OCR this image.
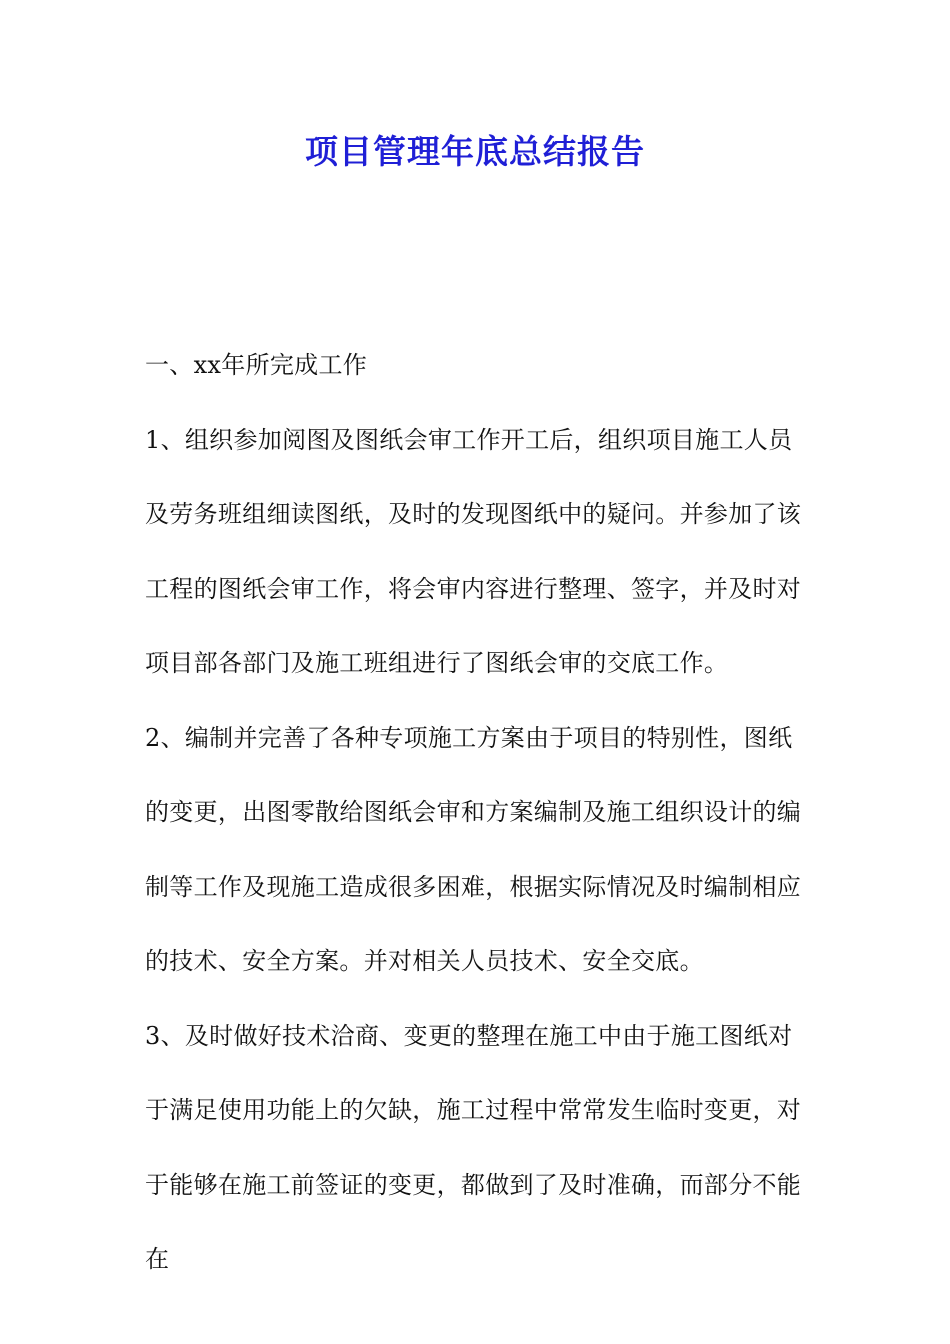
项目管理年底总结报告

一、xx年所完成工作

1、组织参加阅图及图纸会审工作开工后，组织项目施工人员及劳务班组细读图纸，及时的发现图纸中的疑问。并参加了该工程的图纸会审工作，将会审内容进行整理、签字，并及时对项目部各部门及施工班组进行了图纸会审的交底工作。

2、编制并完善了各种专项施工方案由于项目的特别性，图纸的变更，出图零散给图纸会审和方案编制及施工组织设计的编制等工作及现施工造成很多困难，根据实际情况及时编制相应的技术、安全方案。并对相关人员技术、安全交底。

3、及时做好技术洽商、变更的整理在施工中由于施工图纸对于满足使用功能上的欠缺，施工过程中常常发生临时变更，对于能够在施工前签证的变更，都做到了及时准确，而部分不能在
